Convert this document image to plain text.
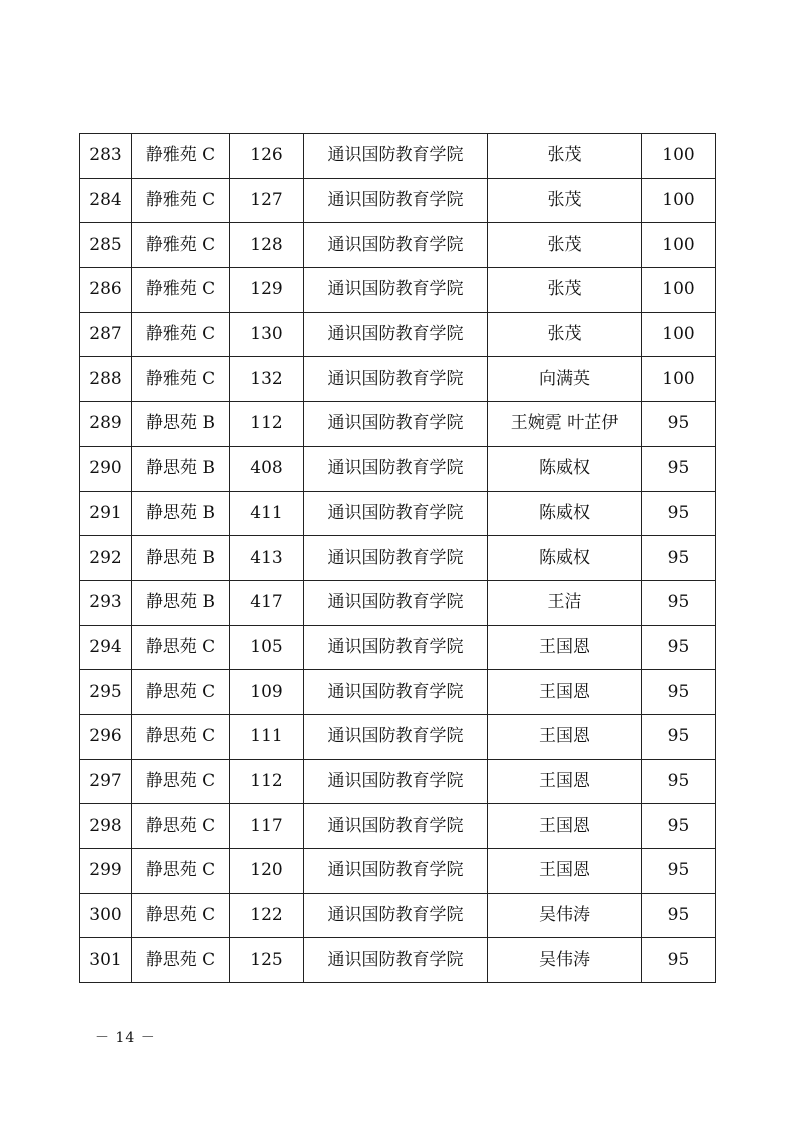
283	静雅苑 C	126	通识国防教育学院	张茂	100
284	静雅苑 C	127	通识国防教育学院	张茂	100
285	静雅苑 C	128	通识国防教育学院	张茂	100
286	静雅苑 C	129	通识国防教育学院	张茂	100
287	静雅苑 C	130	通识国防教育学院	张茂	100
288	静雅苑 C	132	通识国防教育学院	向满英	100
289	静思苑 B	112	通识国防教育学院	王婉霓 叶芷伊	95
290	静思苑 B	408	通识国防教育学院	陈威权	95
291	静思苑 B	411	通识国防教育学院	陈威权	95
292	静思苑 B	413	通识国防教育学院	陈威权	95
293	静思苑 B	417	通识国防教育学院	王洁	95
294	静思苑 C	105	通识国防教育学院	王国恩	95
295	静思苑 C	109	通识国防教育学院	王国恩	95
296	静思苑 C	111	通识国防教育学院	王国恩	95
297	静思苑 C	112	通识国防教育学院	王国恩	95
298	静思苑 C	117	通识国防教育学院	王国恩	95
299	静思苑 C	120	通识国防教育学院	王国恩	95
300	静思苑 C	122	通识国防教育学院	吴伟涛	95
301	静思苑 C	125	通识国防教育学院	吴伟涛	95
－ 14 －
